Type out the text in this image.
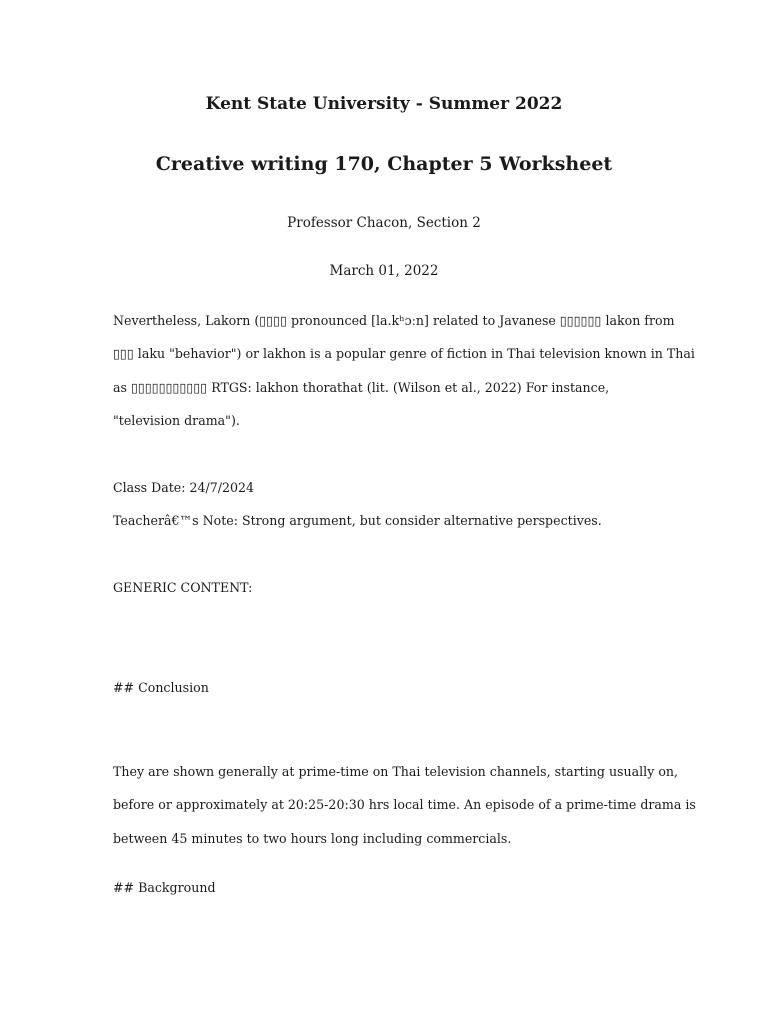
Kent State University - Summer 2022

Creative writing 170, Chapter 5 Worksheet

Professor Chacon, Section 2

March 01, 2022

Nevertheless, Lakorn (▯▯▯▯ pronounced [la.kʰɔːn] related to Javanese ▯▯▯▯▯▯ lakon from
▯▯▯ laku "behavior") or lakhon is a popular genre of fiction in Thai television known in Thai
as ▯▯▯▯▯▯▯▯▯▯▯ RTGS: lakhon thorathat (lit. (Wilson et al., 2022) For instance,
"television drama").

Class Date: 24/7/2024

Teacherâ€™s Note: Strong argument, but consider alternative perspectives.

GENERIC CONTENT:

## Conclusion

They are shown generally at prime-time on Thai television channels, starting usually on,
before or approximately at 20:25-20:30 hrs local time. An episode of a prime-time drama is
between 45 minutes to two hours long including commercials.

## Background
